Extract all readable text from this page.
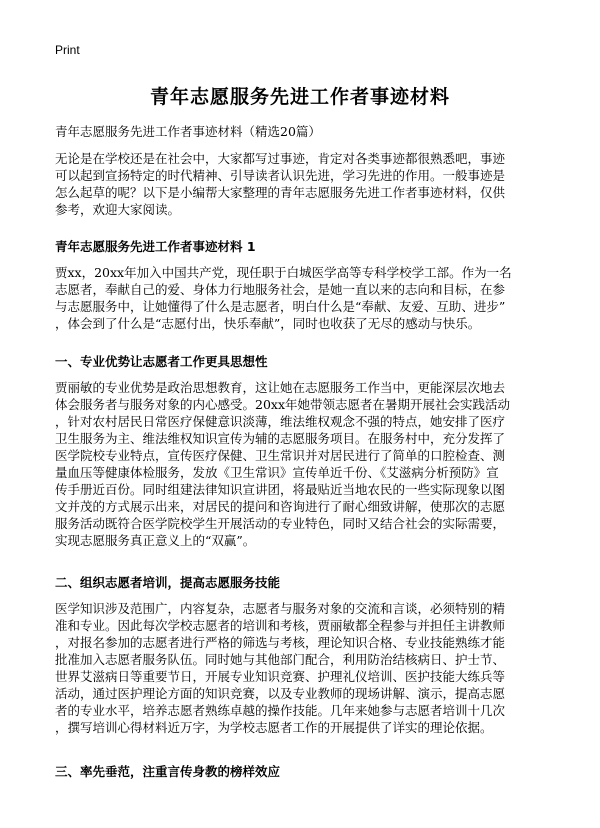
Print
青年志愿服务先进工作者事迹材料
青年志愿服务先进工作者事迹材料（精选20篇）
无论是在学校还是在社会中，大家都写过事迹，肯定对各类事迹都很熟悉吧，事迹
可以起到宣扬特定的时代精神、引导读者认识先进，学习先进的作用。一般事迹是
怎么起草的呢？以下是小编帮大家整理的青年志愿服务先进工作者事迹材料，仅供
参考，欢迎大家阅读。
青年志愿服务先进工作者事迹材料 1
贾xx，20xx年加入中国共产党，现任职于白城医学高等专科学校学工部。作为一名
志愿者，奉献自己的爱、身体力行地服务社会，是她一直以来的志向和目标，在参
与志愿服务中，让她懂得了什么是志愿者，明白什么是“奉献、友爱、互助、进步”
，体会到了什么是“志愿付出，快乐奉献”，同时也收获了无尽的感动与快乐。
一、专业优势让志愿者工作更具思想性
贾丽敏的专业优势是政治思想教育，这让她在志愿服务工作当中，更能深层次地去
体会服务者与服务对象的内心感受。20xx年她带领志愿者在暑期开展社会实践活动
，针对农村居民日常医疗保健意识淡薄，维法维权观念不强的特点，她安排了医疗
卫生服务为主、维法维权知识宣传为辅的志愿服务项目。在服务村中，充分发挥了
医学院校专业特点，宣传医疗保健、卫生常识并对居民进行了简单的口腔检查、测
量血压等健康体检服务，发放《卫生常识》宣传单近千份、《艾滋病分析预防》宣
传手册近百份。同时组建法律知识宣讲团，将最贴近当地农民的一些实际现象以图
文并茂的方式展示出来，对居民的提问和咨询进行了耐心细致讲解，使那次的志愿
服务活动既符合医学院校学生开展活动的专业特色，同时又结合社会的实际需要，
实现志愿服务真正意义上的“双赢”。
二、组织志愿者培训，提高志愿服务技能
医学知识涉及范围广，内容复杂，志愿者与服务对象的交流和言谈，必须特别的精
准和专业。因此每次学校志愿者的培训和考核，贾丽敏都全程参与并担任主讲教师
，对报名参加的志愿者进行严格的筛选与考核，理论知识合格、专业技能熟练才能
批准加入志愿者服务队伍。同时她与其他部门配合，利用防治结核病日、护士节、
世界艾滋病日等重要节日，开展专业知识竞赛、护理礼仪培训、医护技能大练兵等
活动，通过医护理论方面的知识竞赛，以及专业教师的现场讲解、演示，提高志愿
者的专业水平，培养志愿者熟练卓越的操作技能。几年来她参与志愿者培训十几次
，撰写培训心得材料近万字，为学校志愿者工作的开展提供了详实的理论依据。
三、率先垂范，注重言传身教的榜样效应
